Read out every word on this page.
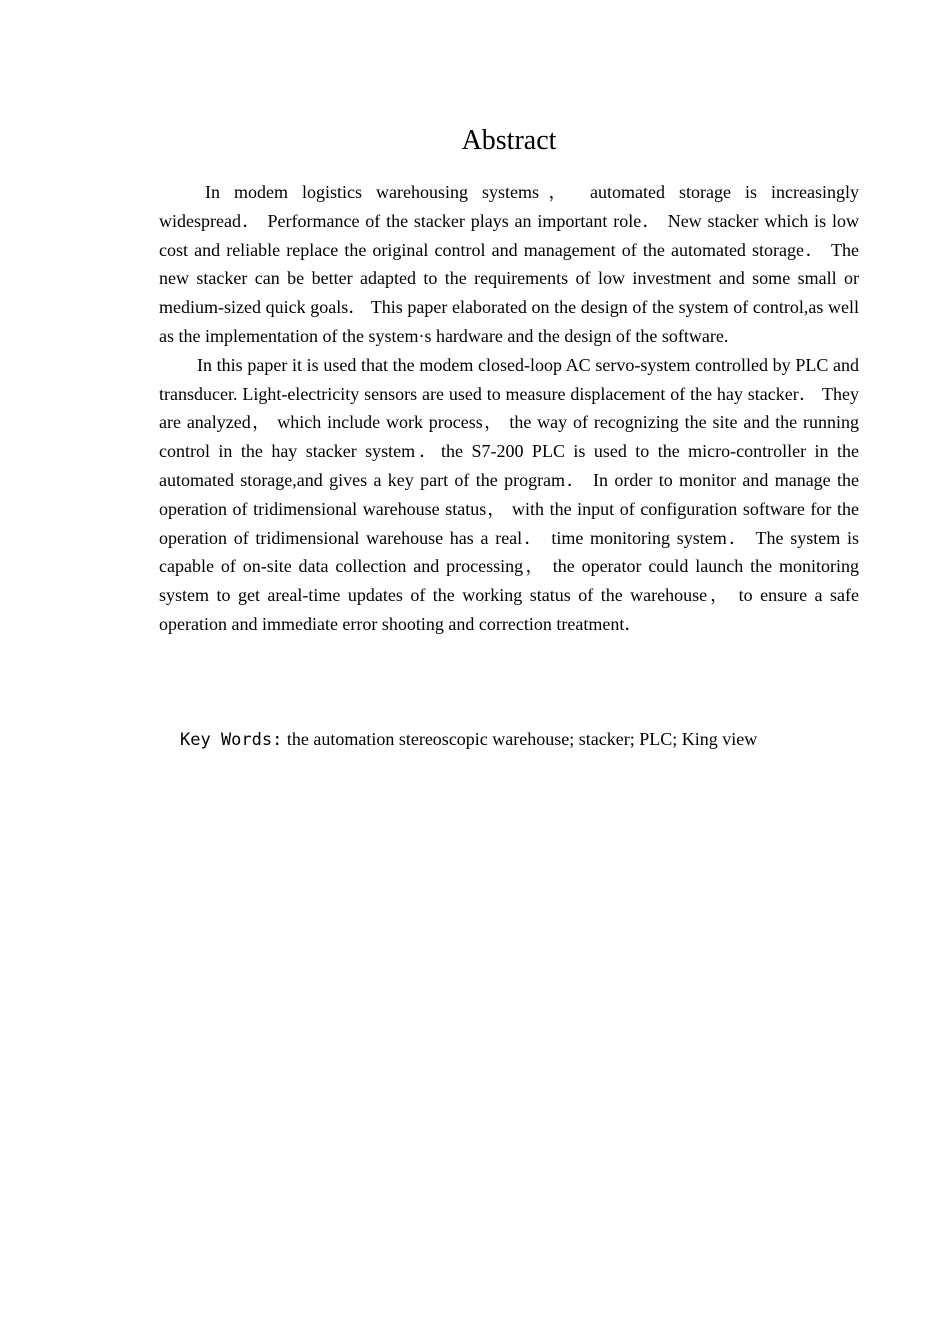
Abstract

In modem logistics warehousing systems， automated storage is increasingly widespread． Performance of the stacker plays an important role． New stacker which is low cost and reliable replace the original control and management of the automated storage． The new stacker can be better adapted to the requirements of low investment and some small or medium-sized quick goals． This paper elaborated on the design of the system of control,as well as the implementation of the system·s hardware and the design of the software.

In this paper it is used that the modem closed-loop AC servo-system controlled by PLC and transducer. Light-electricity sensors are used to measure displacement of the hay stacker． They are analyzed， which include work process， the way of recognizing the site and the running control in the hay stacker system．the S7-200 PLC is used to the micro-controller in the automated storage,and gives a key part of the program． In order to monitor and manage the operation of tridimensional warehouse status， with the input of configuration software for the operation of tridimensional warehouse has a real． time monitoring system． The system is capable of on-site data collection and processing， the operator could launch the monitoring system to get areal-time updates of the working status of the warehouse， to ensure a safe operation and immediate error shooting and correction treatment．

Key Words: the automation stereoscopic warehouse; stacker; PLC; King view
